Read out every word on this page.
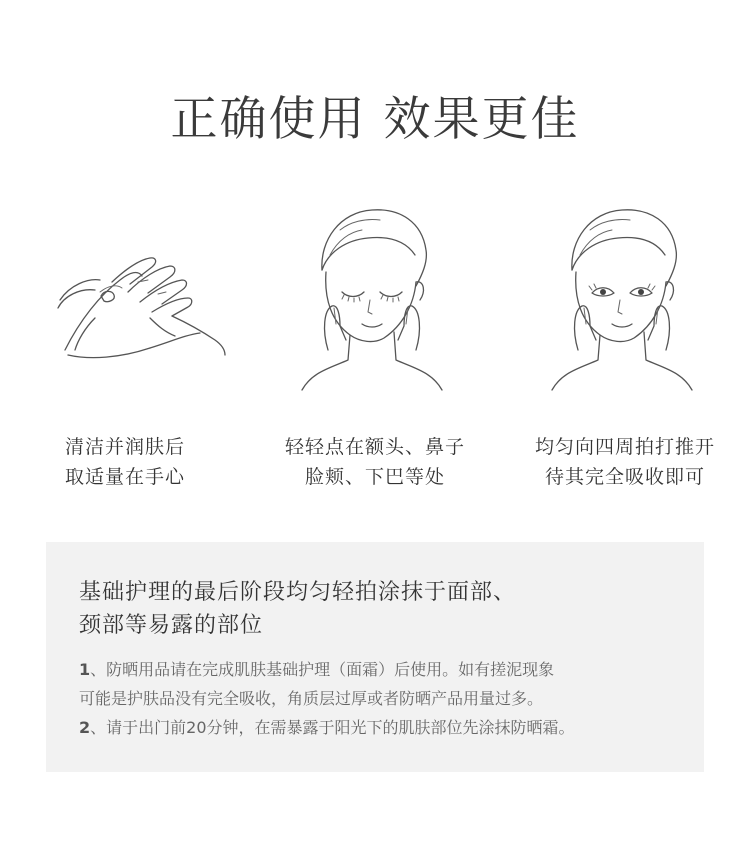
正确使用 效果更佳
清洁并润肤后
取适量在手心
轻轻点在额头、鼻子
脸颊、下巴等处
均匀向四周拍打推开
待其完全吸收即可
基础护理的最后阶段均匀轻拍涂抹于面部、
颈部等易露的部位
1、防晒用品请在完成肌肤基础护理（面霜）后使用。如有搓泥现象
可能是护肤品没有完全吸收，角质层过厚或者防晒产品用量过多。
2、请于出门前20分钟，在需暴露于阳光下的肌肤部位先涂抹防晒霜。
